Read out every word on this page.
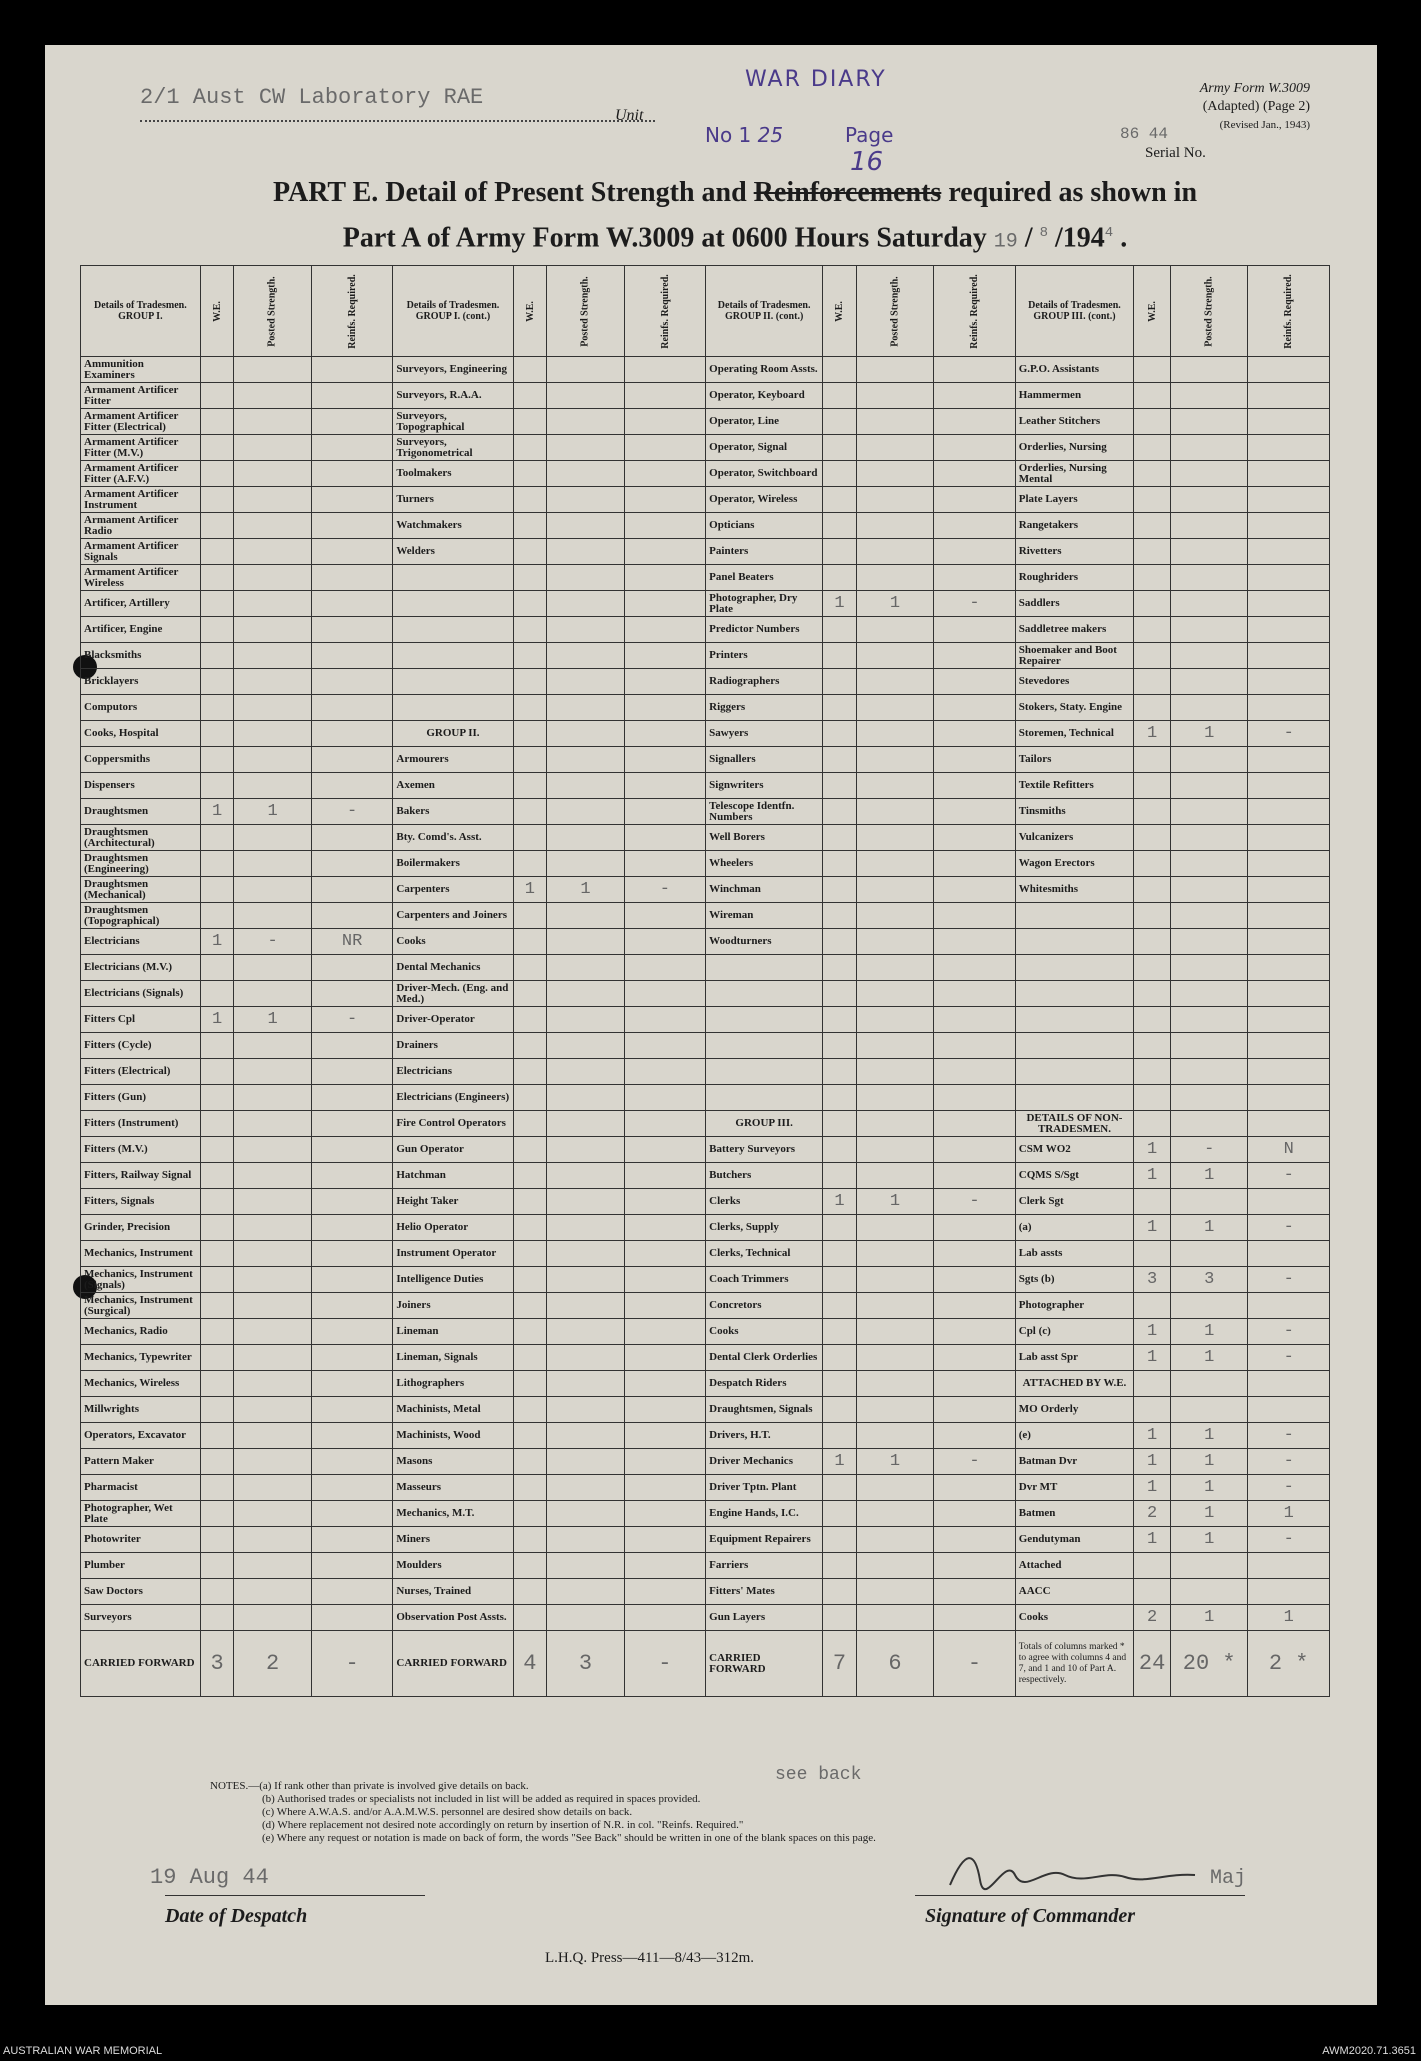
2/1 Aust CW Laboratory RAE
Unit
WAR DIARY
No 1 25	Page
16
Army Form W.3009
(Adapted) (Page 2)
(Revised Jan., 1943)
86 44
Serial No.
PART E. Detail of Present Strength and Reinforcements required as shown in
Part A of Army Form W.3009 at 0600 Hours Saturday 19 / $^8$ $/194^4$ .
Details of Tradesmen. GROUP I.	W.E.	Posted Strength.	Reinfs. Required.	Details of Tradesmen. GROUP I. (cont.)	W.E.	Posted Strength.	Reinfs. Required.	Details of Tradesmen. GROUP II. (cont.)	W.E.	Posted Strength.	Reinfs. Required.	Details of Tradesmen. GROUP III. (cont.)	W.E.	Posted Strength.	Reinfs. Required.
Ammunition Examiners				Surveyors, Engineering				Operating Room Assts.				G.P.O. Assistants			
Armament Artificer Fitter				Surveyors, R.A.A.				Operator, Keyboard				Hammermen			
Armament Artificer Fitter (Electrical)				Surveyors, Topographical				Operator, Line				Leather Stitchers			
Armament Artificer Fitter (M.V.)				Surveyors, Trigonometrical				Operator, Signal				Orderlies, Nursing			
Armament Artificer Fitter (A.F.V.)				Toolmakers				Operator, Switchboard				Orderlies, Nursing Mental			
Armament Artificer Instrument				Turners				Operator, Wireless				Plate Layers			
Armament Artificer Radio				Watchmakers				Opticians				Rangetakers			
Armament Artificer Signals				Welders				Painters				Rivetters			
Armament Artificer Wireless								Panel Beaters				Roughriders			
Artificer, Artillery								Photographer, Dry Plate	1	1	-	Saddlers			
Artificer, Engine								Predictor Numbers				Saddletree makers			
Blacksmiths								Printers				Shoemaker and Boot Repairer			
Bricklayers								Radiographers				Stevedores			
Computors								Riggers				Stokers, Staty. Engine			
Cooks, Hospital				GROUP II.				Sawyers				Storemen, Technical	1	1	-
Coppersmiths				Armourers				Signallers				Tailors			
Dispensers				Axemen				Signwriters				Textile Refitters			
Draughtsmen	1	1	-	Bakers				Telescope Identfn. Numbers				Tinsmiths			
Draughtsmen (Architectural)				Bty. Comd's. Asst.				Well Borers				Vulcanizers			
Draughtsmen (Engineering)				Boilermakers				Wheelers				Wagon Erectors			
Draughtsmen (Mechanical)				Carpenters	1	1	-	Winchman				Whitesmiths			
Draughtsmen (Topographical)				Carpenters and Joiners				Wireman							
Electricians	1	-	NR	Cooks				Woodturners							
Electricians (M.V.)				Dental Mechanics											
Electricians (Signals)				Driver-Mech. (Eng. and Med.)											
Fitters Cpl	1	1	-	Driver-Operator											
Fitters (Cycle)				Drainers											
Fitters (Electrical)				Electricians											
Fitters (Gun)				Electricians (Engineers)											
Fitters (Instrument)				Fire Control Operators				GROUP III.				DETAILS OF NON-TRADESMEN.			
Fitters (M.V.)				Gun Operator				Battery Surveyors				CSM WO2	1	-	N
Fitters, Railway Signal				Hatchman				Butchers				CQMS S/Sgt	1	1	-
Fitters, Signals				Height Taker				Clerks	1	1	-	Clerk Sgt			
Grinder, Precision				Helio Operator				Clerks, Supply				(a)	1	1	-
Mechanics, Instrument				Instrument Operator				Clerks, Technical				Lab assts			
Mechanics, Instrument (Signals)				Intelligence Duties				Coach Trimmers				Sgts (b)	3	3	-
Mechanics, Instrument (Surgical)				Joiners				Concretors				Photographer			
Mechanics, Radio				Lineman				Cooks				Cpl (c)	1	1	-
Mechanics, Typewriter				Lineman, Signals				Dental Clerk Orderlies				Lab asst Spr	1	1	-
Mechanics, Wireless				Lithographers				Despatch Riders				ATTACHED BY W.E.			
Millwrights				Machinists, Metal				Draughtsmen, Signals				MO Orderly			
Operators, Excavator				Machinists, Wood				Drivers, H.T.				(e)	1	1	-
Pattern Maker				Masons				Driver Mechanics	1	1	-	Batman Dvr	1	1	-
Pharmacist				Masseurs				Driver Tptn. Plant				Dvr MT	1	1	-
Photographer, Wet Plate				Mechanics, M.T.				Engine Hands, I.C.				Batmen	2	1	1
Photowriter				Miners				Equipment Repairers				Gendutyman	1	1	-
Plumber				Moulders				Farriers				Attached			
Saw Doctors				Nurses, Trained				Fitters' Mates				AACC			
Surveyors				Observation Post Assts.				Gun Layers				Cooks	2	1	1
CARRIED FORWARD	3	2	-	CARRIED FORWARD	4	3	-	CARRIED FORWARD	7	6	-	Totals of columns marked * to agree with columns 4 and 7, and 1 and 10 of Part A. respectively.	24	20 *	2 *
see back
NOTES.—(a) If rank other than private is involved give details on back.
(b) Authorised trades or specialists not included in list will be added as required in spaces provided.
(c) Where A.W.A.S. and/or A.A.M.W.S. personnel are desired show details on back.
(d) Where replacement not desired note accordingly on return by insertion of N.R. in col. "Reinfs. Required."
(e) Where any request or notation is made on back of form, the words "See Back" should be written in one of the blank spaces on this page.
19 Aug 44
Date of Despatch
Maj
Signature of Commander
L.H.Q. Press—411—8/43—312m.
AUSTRALIAN WAR MEMORIAL	AWM2020.71.3651
